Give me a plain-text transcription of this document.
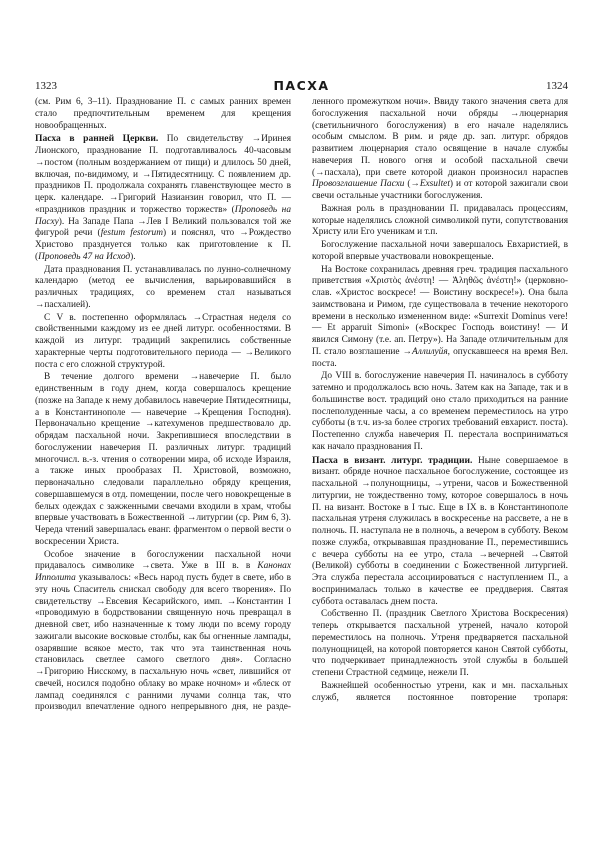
1323	ПАСХА	1324

(см. Рим 6, 3–11). Празднование П. с самых ранних времен стало предпочтительным временем для крещения новообращенных.

Пасха в ранней Церкви. По свидетельству →Иринея Лионского, празднование П. подготавливалось 40-часовым →постом (полным воздержанием от пищи) и длилось 50 дней, включая, по-видимому, и →Пятидесятницу. С появлением др. праздников П. продолжала сохранять главенствующее место в церк. календаре. →Григорий Назианзин говорил, что П. — «праздников праздник и торжество торжеств» (Проповедь на Пасху). На Западе Папа →Лев I Великий пользовался той же фигурой речи (festum festorum) и пояснял, что →Рождество Христово празднуется только как приготовление к П. (Проповедь 47 на Исход).

Дата празднования П. устанавливалась по лунно-солнечному календарю (метод ее вычисления, варьировавшийся в различных традициях, со временем стал называться →пасхалией).

С V в. постепенно оформлялась →Страстная неделя со свойственными каждому из ее дней литург. особенностями. В каждой из литург. традиций закрепились собственные характерные черты подготовительного периода — →Великого поста с его сложной структурой.

В течение долгого времени →навечерие П. было единственным в году днем, когда совершалось крещение (позже на Западе к нему добавилось навечерие Пятидесятницы, а в Константинополе — навечерие →Крещения Господня). Первоначально крещение →катехуменов предшествовало др. обрядам пасхальной ночи. Закрепившиеся впоследствии в богослужении навечерия П. различных литург. традиций многочисл. в.-з. чтения о сотворении мира, об исходе Израиля, а также иных прообразах П. Христовой, возможно, первоначально следовали параллельно обряду крещения, совершавшемуся в отд. помещении, после чего новокрещеные в белых одеждах с зажженными свечами входили в храм, чтобы впервые участвовать в Божественной →литургии (ср. Рим 6, 3). Череда чтений завершалась еванг. фрагментом о первой вести о воскресении Христа.

Особое значение в богослужении пасхальной ночи придавалось символике →света. Уже в III в. в Канонах Ипполита указывалось: «Весь народ пусть будет в свете, ибо в эту ночь Спаситель снискал свободу для всего творения». По свидетельству →Евсевия Кесарийского, имп. →Константин I «проводимую в бодрствовании священную ночь превращал в дневной свет, ибо назначенные к тому люди по всему городу зажигали высокие восковые столбы, как бы огненные лампады, озарявшие всякое место, так что эта таинственная ночь становилась светлее самого светлого дня». Согласно →Григорию Нисскому, в пасхальную ночь «свет, лившийся от свечей, носился подобно облаку во мраке ночном» и «блеск от лампад соединялся с ранними лучами солнца так, что производил впечатление одного непрерывного дня, не разде-

ленного промежутком ночи». Ввиду такого значения света для богослужения пасхальной ночи обряды →люцернария (светильничного богослужения) в его начале наделялись особым смыслом. В рим. и ряде др. зап. литург. обрядов развитием люцернария стало освящение в начале службы навечерия П. нового огня и особой пасхальной свечи (→пасхала), при свете которой диакон произносил нараспев Провозглашение Пасхи (→Exsultet) и от которой зажигали свои свечи остальные участники богослужения.

Важная роль в праздновании П. придавалась процессиям, которые наделялись сложной символикой пути, сопутствования Христу или Его ученикам и т.п.

Богослужение пасхальной ночи завершалось Евхаристией, в которой впервые участвовали новокрещеные.

На Востоке сохранилась древняя греч. традиция пасхального приветствия «Χριστὸς ἀνέστη! — Ἀληθῶς ἀνέστη!» (церковно-слав. «Христос воскресе! — Воистину воскресе!»). Она была заимствована и Римом, где существовала в течение некоторого времени в несколько измененном виде: «Surrexit Dominus vere! — Et apparuit Simoni» («Воскрес Господь воистину! — И явился Симону (т.е. ап. Петру»). На Западе отличительным для П. стало возглашение →Аллилуйя, опускавшееся на время Вел. поста.

До VIII в. богослужение навечерия П. начиналось в субботу затемно и продолжалось всю ночь. Затем как на Западе, так и в большинстве вост. традиций оно стало приходиться на ранние послеполуденные часы, а со временем переместилось на утро субботы (в т.ч. из-за более строгих требований евхарист. поста). Постепенно служба навечерия П. перестала восприниматься как начало празднования П.

Пасха в визант. литург. традиции. Ныне совершаемое в визант. обряде ночное пасхальное богослужение, состоящее из пасхальной →полунощницы, →утрени, часов и Божественной литургии, не тождественно тому, которое совершалось в ночь П. на визант. Востоке в I тыс. Еще в IX в. в Константинополе пасхальная утреня служилась в воскресенье на рассвете, а не в полночь. П. наступала не в полночь, а вечером в субботу. Веком позже служба, открывавшая празднование П., переместившись с вечера субботы на ее утро, стала →вечерней →Святой (Великой) субботы в соединении с Божественной литургией. Эта служба перестала ассоциироваться с наступлением П., а воспринималась только в качестве ее преддверия. Святая суббота оставалась днем поста.

Собственно П. (праздник Светлого Христова Воскресения) теперь открывается пасхальной утреней, начало которой переместилось на полночь. Утреня предваряется пасхальной полунощницей, на которой повторяется канон Святой субботы, что подчеркивает принадлежность этой службы в большей степени Страстной седмице, нежели П.

Важнейшей особенностью утрени, как и мн. пасхальных служб, является постоянное повторение тропаря:
